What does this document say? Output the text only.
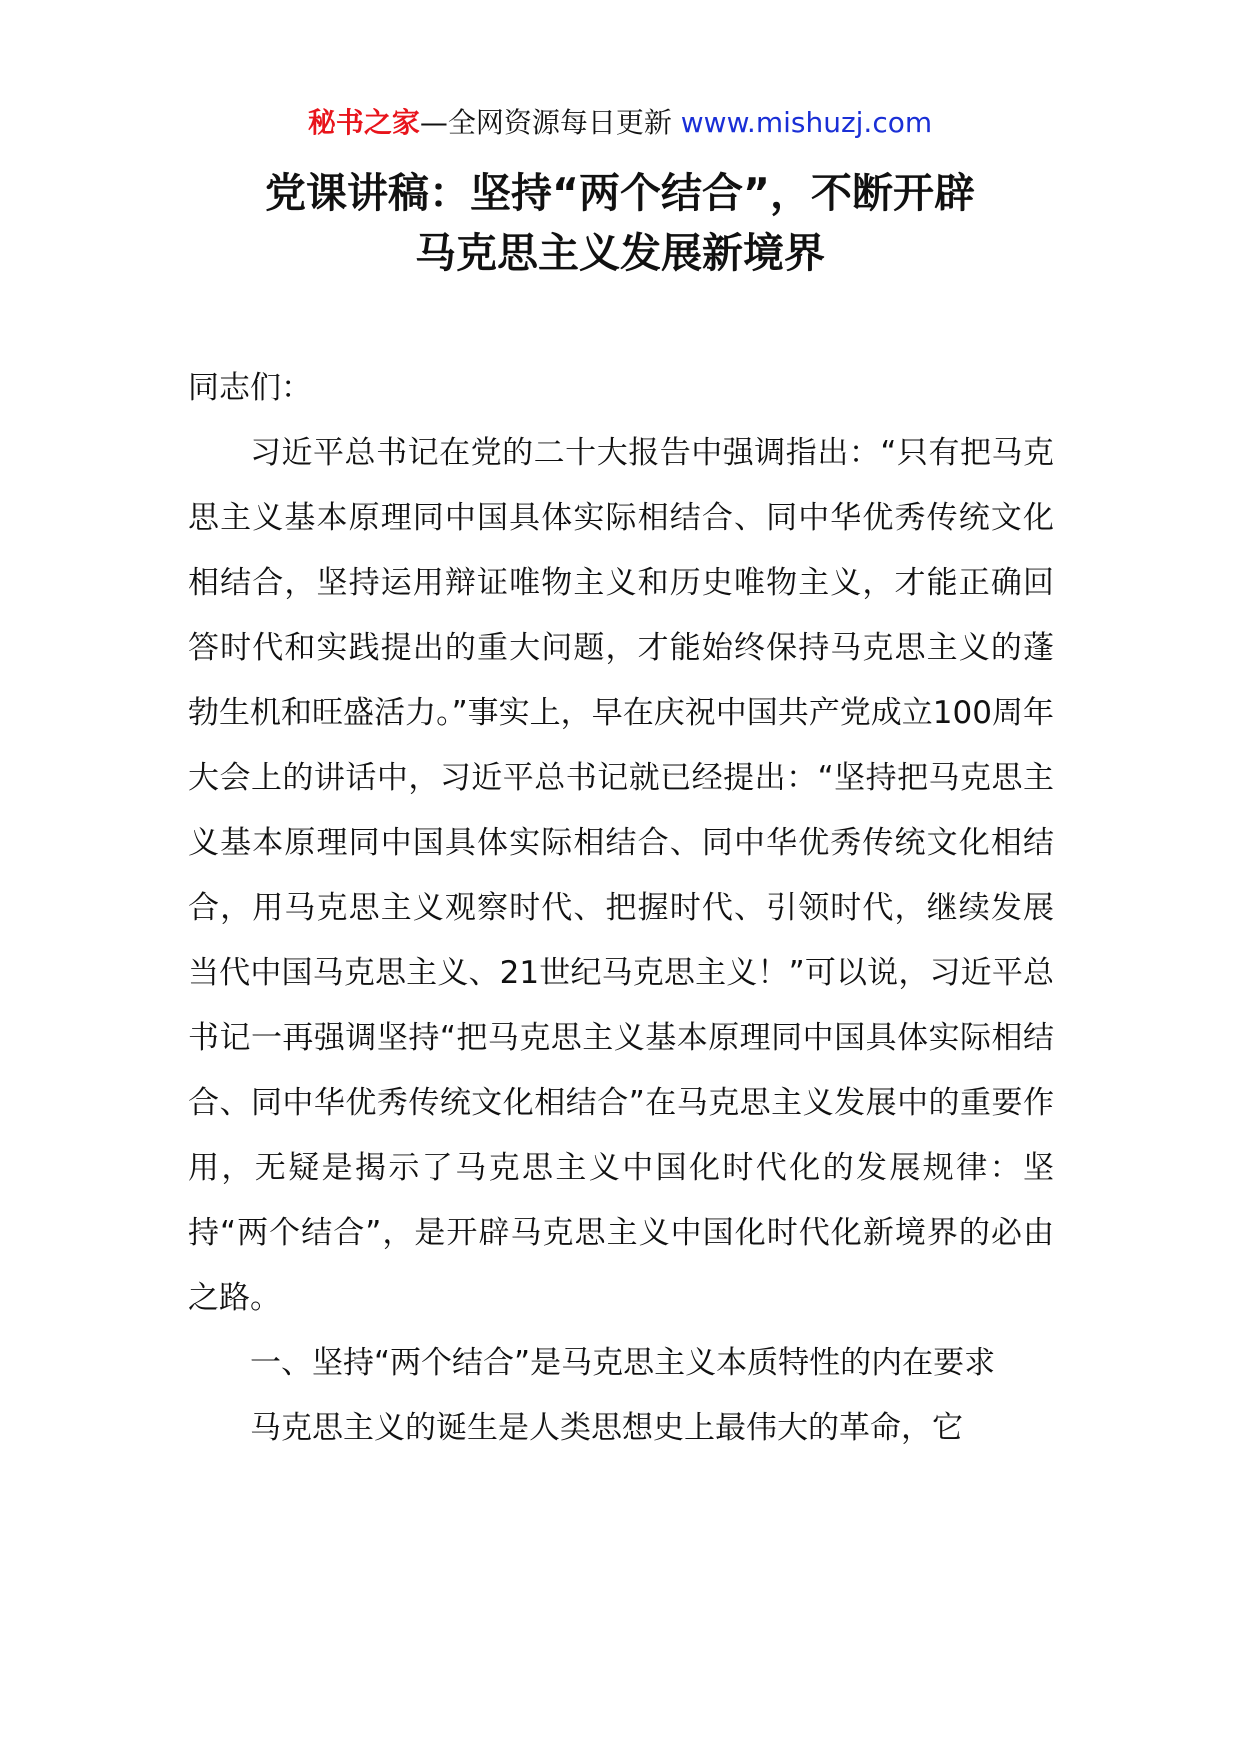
秘书之家—全网资源每日更新 www.mishuzj.com
党课讲稿：坚持“两个结合”，不断开辟
马克思主义发展新境界

同志们：

习近平总书记在党的二十大报告中强调指出：“只有把马克思主义基本原理同中国具体实际相结合、同中华优秀传统文化相结合，坚持运用辩证唯物主义和历史唯物主义，才能正确回答时代和实践提出的重大问题，才能始终保持马克思主义的蓬勃生机和旺盛活力。”事实上，早在庆祝中国共产党成立100周年大会上的讲话中，习近平总书记就已经提出：“坚持把马克思主义基本原理同中国具体实际相结合、同中华优秀传统文化相结合，用马克思主义观察时代、把握时代、引领时代，继续发展当代中国马克思主义、21世纪马克思主义！”可以说，习近平总书记一再强调坚持“把马克思主义基本原理同中国具体实际相结合、同中华优秀传统文化相结合”在马克思主义发展中的重要作用，无疑是揭示了马克思主义中国化时代化的发展规律：坚持“两个结合”，是开辟马克思主义中国化时代化新境界的必由之路。

一、坚持“两个结合”是马克思主义本质特性的内在要求

马克思主义的诞生是人类思想史上最伟大的革命，它
